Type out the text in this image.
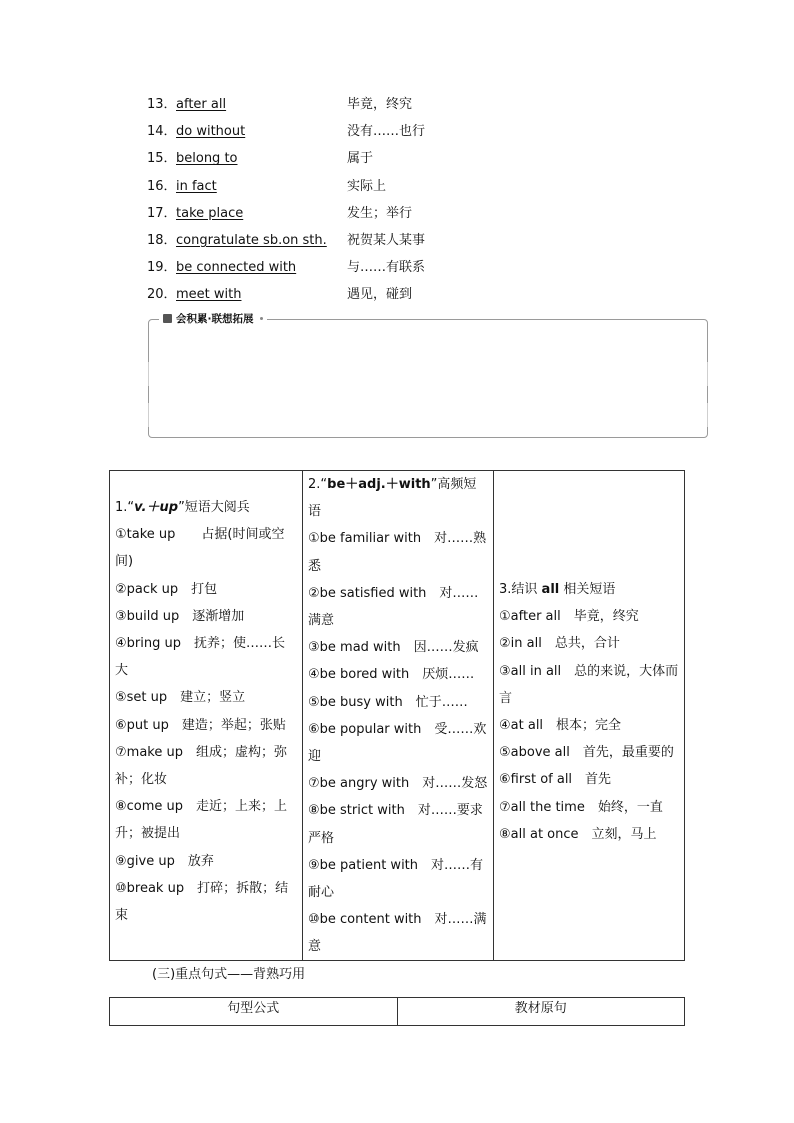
13． after all	毕竟，终究
14． do without	没有……也行
15． belong to	属于
16． in fact	实际上
17． take place	发生；举行
18． congratulate sb.on sth. 祝贺某人某事
19． be connected with	与……有联系
20． meet with	遇见，碰到
会积累·联想拓展
1.“v.＋up”短语大阅兵
①take up　　占据(时间或空间)
②pack up　打包
③build up　逐渐增加
④bring up　抚养；使……长大
⑤set up　建立；竖立
⑥put up　建造；举起；张贴
⑦make up　组成；虚构；弥补；化妆
⑧come up　走近；上来；上升；被提出
⑨give up　放弃
⑩break up　打碎；拆散；结束
2.“be＋adj.＋with”高频短语
①be familiar with　对……熟悉
②be satisfied with　对……满意
③be mad with　因……发疯
④be bored with　厌烦……
⑤be busy with　忙于……
⑥be popular with　受……欢迎
⑦be angry with　对……发怒
⑧be strict with　对……要求严格
⑨be patient with　对……有耐心
⑩be content with　对……满意
3.结识 all 相关短语
①after all　毕竟，终究
②in all　总共，合计
③all in all　总的来说，大体而言
④at all　根本；完全
⑤above all　首先，最重要的
⑥first of all　首先
⑦all the time　始终，一直
⑧all at once　立刻，马上
(三)重点句式——背熟巧用
句型公式	教材原句
